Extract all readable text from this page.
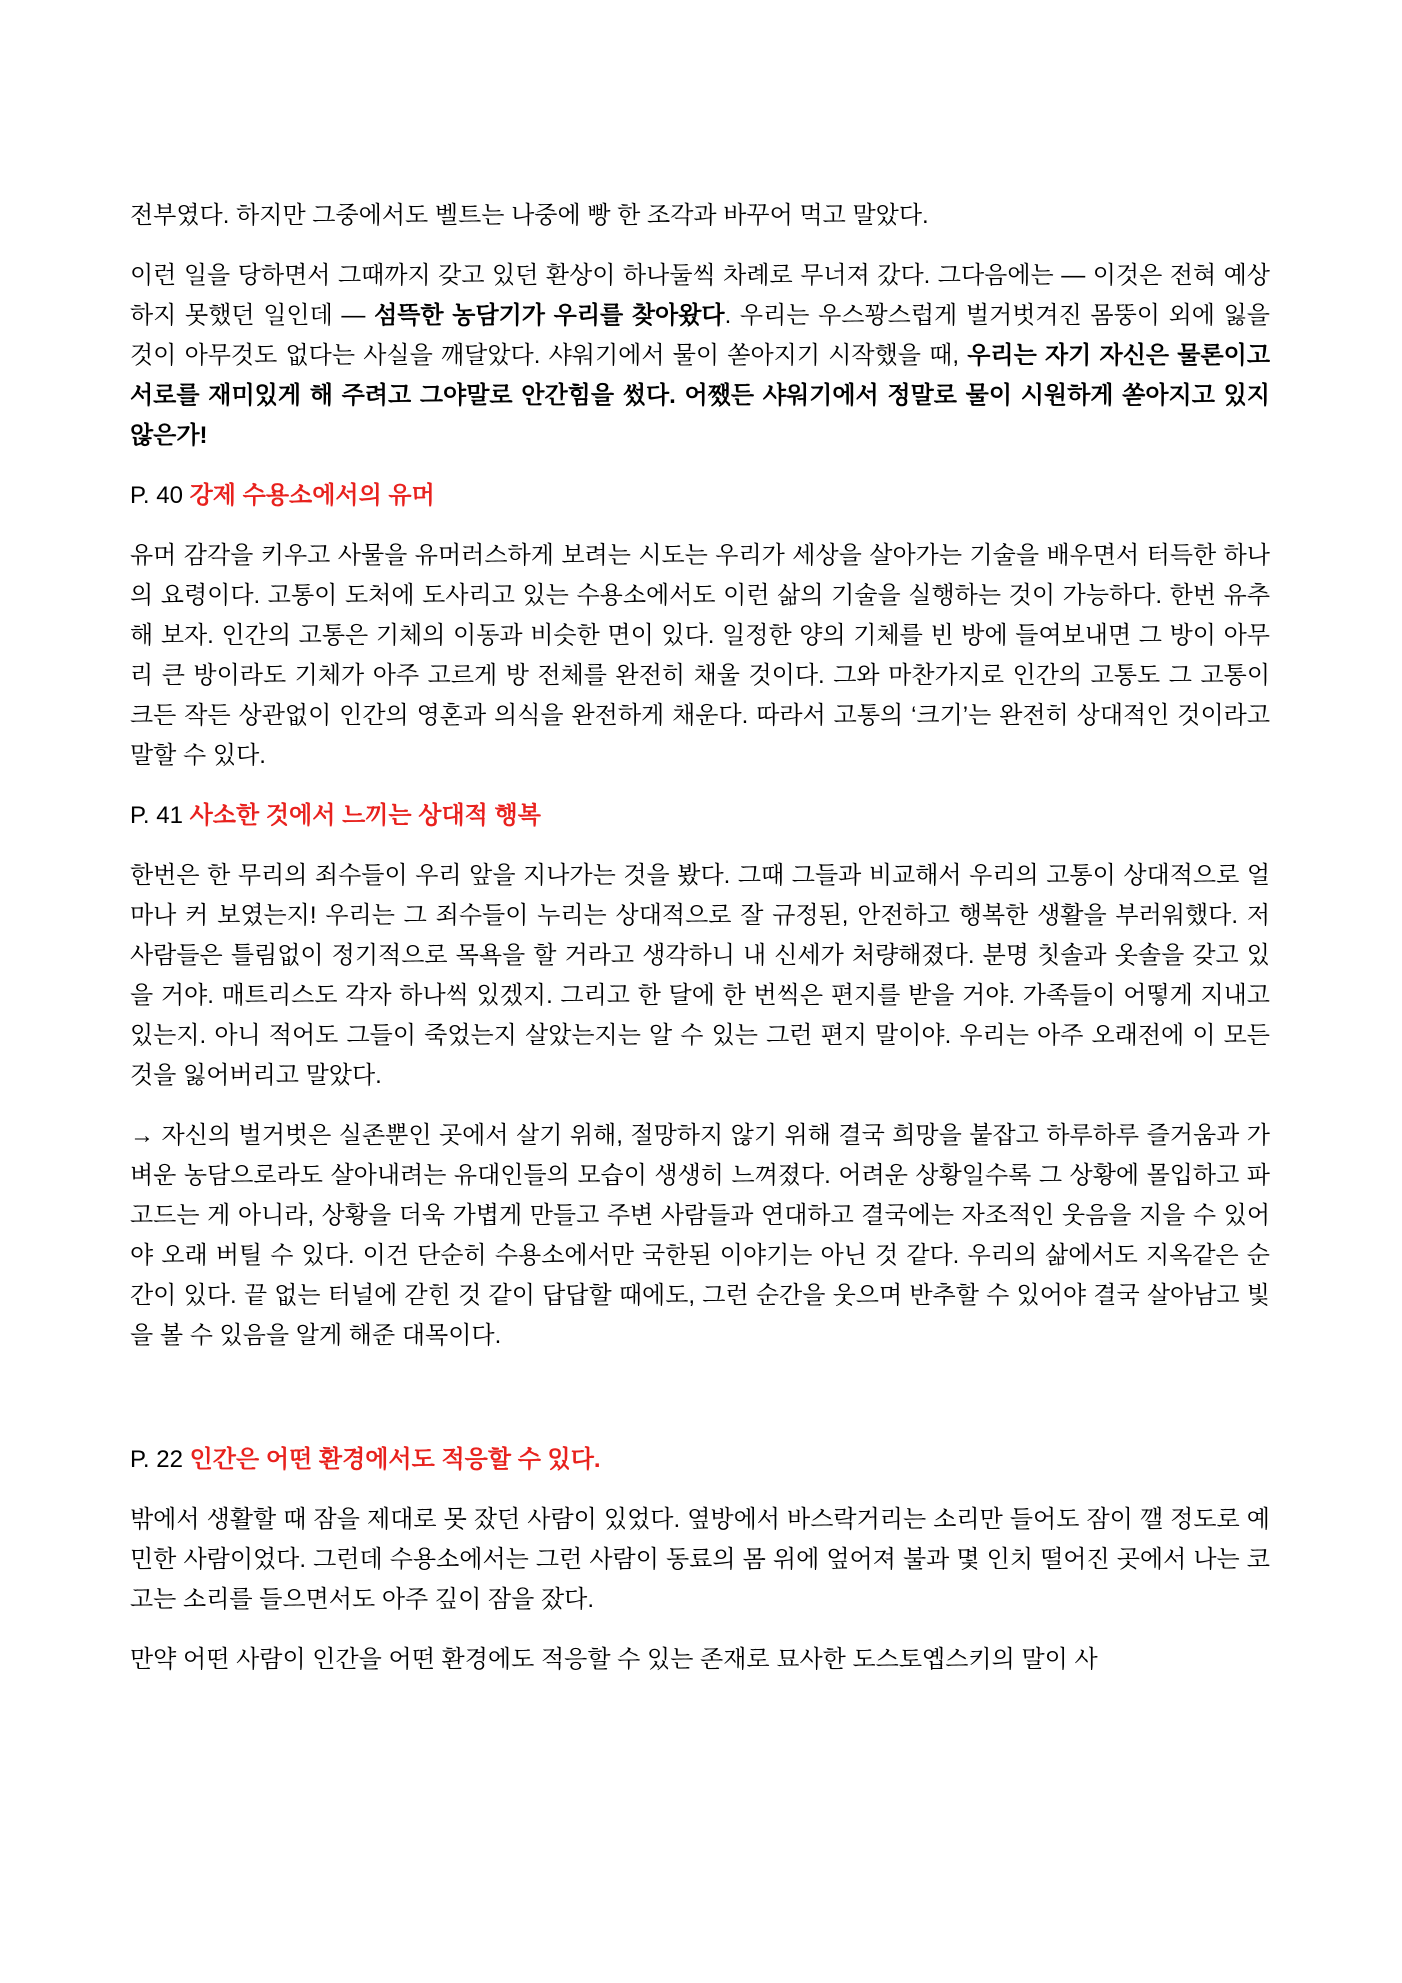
전부였다. 하지만 그중에서도 벨트는 나중에 빵 한 조각과 바꾸어 먹고 말았다.

이런 일을 당하면서 그때까지 갖고 있던 환상이 하나둘씩 차례로 무너져 갔다. 그다음에는 — 이것은 전혀 예상하지 못했던 일인데 — 섬뜩한 농담기가 우리를 찾아왔다. 우리는 우스꽝스럽게 벌거벗겨진 몸뚱이 외에 잃을 것이 아무것도 없다는 사실을 깨달았다. 샤워기에서 물이 쏟아지기 시작했을 때, 우리는 자기 자신은 물론이고 서로를 재미있게 해 주려고 그야말로 안간힘을 썼다. 어쨌든 샤워기에서 정말로 물이 시원하게 쏟아지고 있지 않은가!

P. 40 강제 수용소에서의 유머

유머 감각을 키우고 사물을 유머러스하게 보려는 시도는 우리가 세상을 살아가는 기술을 배우면서 터득한 하나의 요령이다. 고통이 도처에 도사리고 있는 수용소에서도 이런 삶의 기술을 실행하는 것이 가능하다. 한번 유추해 보자. 인간의 고통은 기체의 이동과 비슷한 면이 있다. 일정한 양의 기체를 빈 방에 들여보내면 그 방이 아무리 큰 방이라도 기체가 아주 고르게 방 전체를 완전히 채울 것이다. 그와 마찬가지로 인간의 고통도 그 고통이 크든 작든 상관없이 인간의 영혼과 의식을 완전하게 채운다. 따라서 고통의 ‘크기’는 완전히 상대적인 것이라고 말할 수 있다.

P. 41 사소한 것에서 느끼는 상대적 행복

한번은 한 무리의 죄수들이 우리 앞을 지나가는 것을 봤다. 그때 그들과 비교해서 우리의 고통이 상대적으로 얼마나 커 보였는지! 우리는 그 죄수들이 누리는 상대적으로 잘 규정된, 안전하고 행복한 생활을 부러워했다. 저 사람들은 틀림없이 정기적으로 목욕을 할 거라고 생각하니 내 신세가 처량해졌다. 분명 칫솔과 옷솔을 갖고 있을 거야. 매트리스도 각자 하나씩 있겠지. 그리고 한 달에 한 번씩은 편지를 받을 거야. 가족들이 어떻게 지내고 있는지. 아니 적어도 그들이 죽었는지 살았는지는 알 수 있는 그런 편지 말이야. 우리는 아주 오래전에 이 모든 것을 잃어버리고 말았다.

→ 자신의 벌거벗은 실존뿐인 곳에서 살기 위해, 절망하지 않기 위해 결국 희망을 붙잡고 하루하루 즐거움과 가벼운 농담으로라도 살아내려는 유대인들의 모습이 생생히 느껴졌다. 어려운 상황일수록 그 상황에 몰입하고 파고드는 게 아니라, 상황을 더욱 가볍게 만들고 주변 사람들과 연대하고 결국에는 자조적인 웃음을 지을 수 있어야 오래 버틸 수 있다. 이건 단순히 수용소에서만 국한된 이야기는 아닌 것 같다. 우리의 삶에서도 지옥같은 순간이 있다. 끝 없는 터널에 갇힌 것 같이 답답할 때에도, 그런 순간을 웃으며 반추할 수 있어야 결국 살아남고 빛을 볼 수 있음을 알게 해준 대목이다.

P. 22 인간은 어떤 환경에서도 적응할 수 있다.

밖에서 생활할 때 잠을 제대로 못 잤던 사람이 있었다. 옆방에서 바스락거리는 소리만 들어도 잠이 깰 정도로 예민한 사람이었다. 그런데 수용소에서는 그런 사람이 동료의 몸 위에 엎어져 불과 몇 인치 떨어진 곳에서 나는 코 고는 소리를 들으면서도 아주 깊이 잠을 잤다.

만약 어떤 사람이 인간을 어떤 환경에도 적응할 수 있는 존재로 묘사한 도스토옙스키의 말이 사
